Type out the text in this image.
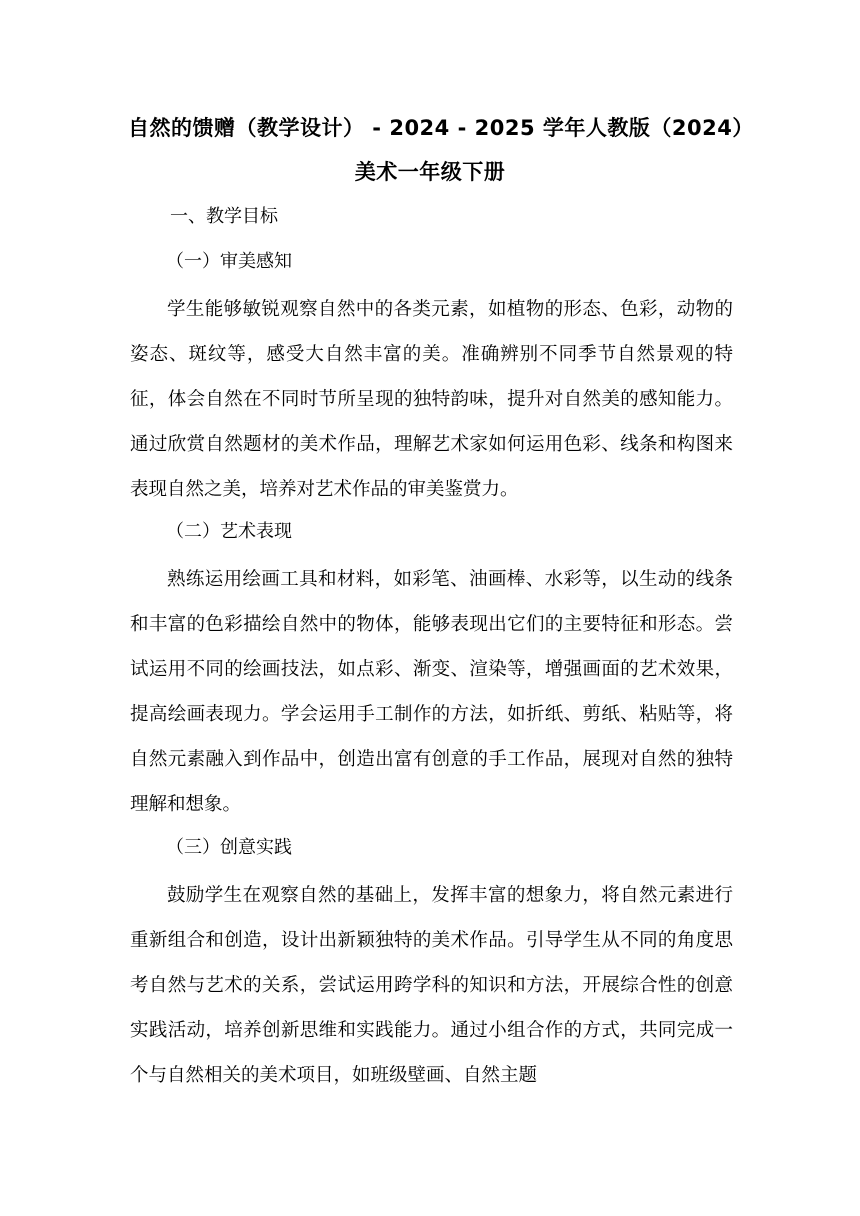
自然的馈赠（教学设计） - 2024 - 2025 学年人教版（2024）
美术一年级下册
一、教学目标
（一）审美感知

学生能够敏锐观察自然中的各类元素，如植物的形态、色彩，动物的姿态、斑纹等，感受大自然丰富的美。准确辨别不同季节自然景观的特征，体会自然在不同时节所呈现的独特韵味，提升对自然美的感知能力。通过欣赏自然题材的美术作品，理解艺术家如何运用色彩、线条和构图来表现自然之美，培养对艺术作品的审美鉴赏力。

（二）艺术表现

熟练运用绘画工具和材料，如彩笔、油画棒、水彩等，以生动的线条和丰富的色彩描绘自然中的物体，能够表现出它们的主要特征和形态。尝试运用不同的绘画技法，如点彩、渐变、渲染等，增强画面的艺术效果，提高绘画表现力。学会运用手工制作的方法，如折纸、剪纸、粘贴等，将自然元素融入到作品中，创造出富有创意的手工作品，展现对自然的独特理解和想象。

（三）创意实践

鼓励学生在观察自然的基础上，发挥丰富的想象力，将自然元素进行重新组合和创造，设计出新颖独特的美术作品。引导学生从不同的角度思考自然与艺术的关系，尝试运用跨学科的知识和方法，开展综合性的创意实践活动，培养创新思维和实践能力。通过小组合作的方式，共同完成一个与自然相关的美术项目，如班级壁画、自然主题
